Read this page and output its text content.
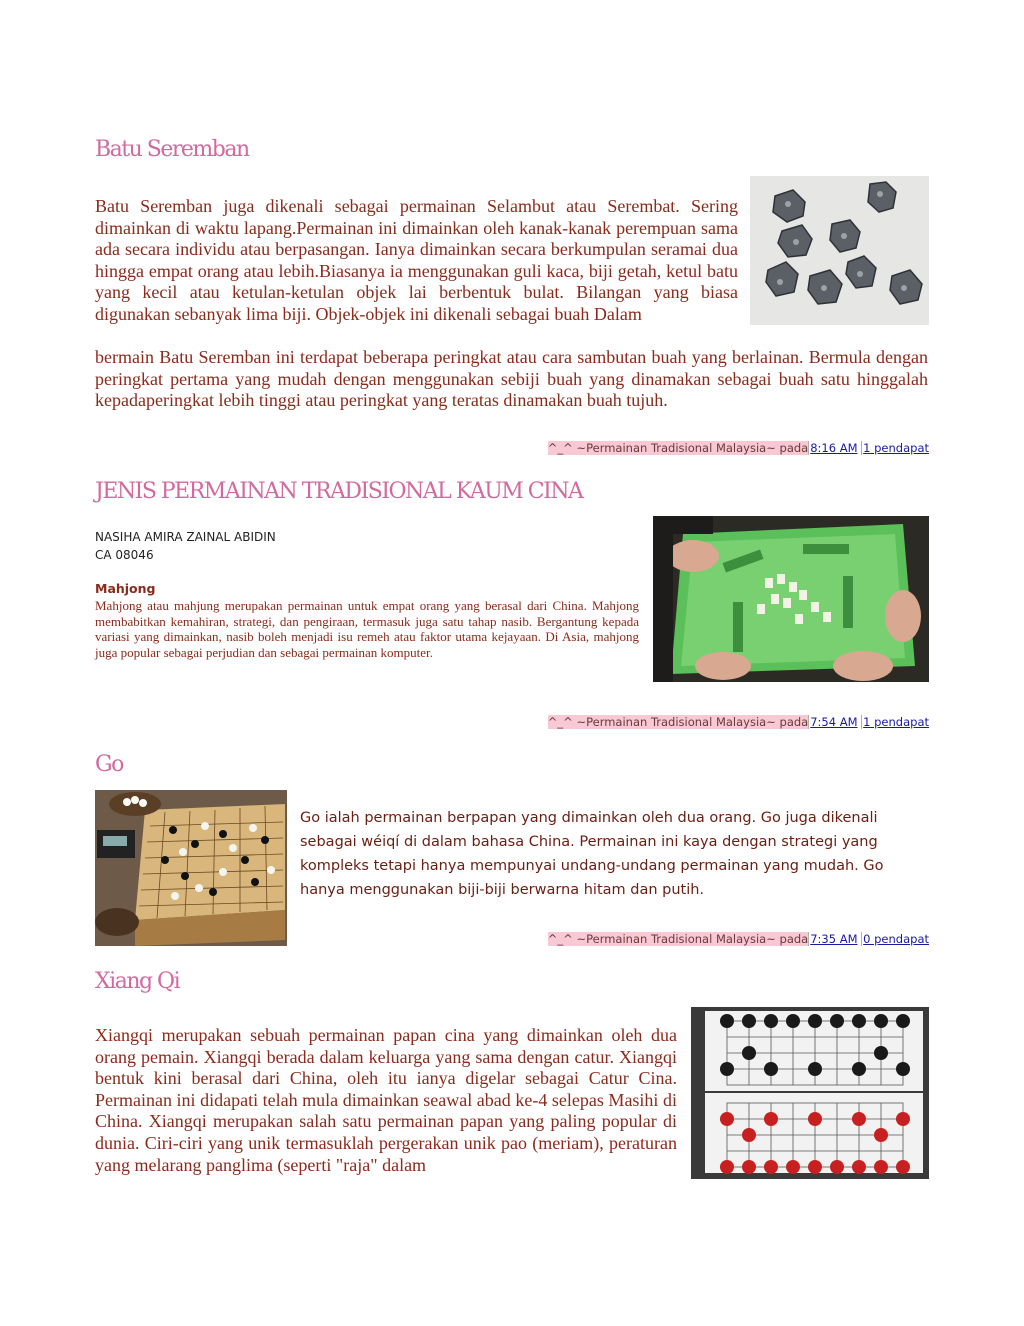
Batu Seremban

Batu Seremban juga dikenali sebagai permainan Selambut atau Serembat. Sering dimainkan di waktu lapang.Permainan ini dimainkan oleh kanak-kanak perempuan sama ada secara individu atau berpasangan. Ianya dimainkan secara berkumpulan seramai dua hingga empat orang atau lebih.Biasanya ia menggunakan guli kaca, biji getah, ketul batu yang kecil atau ketulan-ketulan objek lai berbentuk bulat. Bilangan yang biasa digunakan sebanyak lima biji. Objek-objek ini dikenali sebagai buah Dalam

bermain Batu Seremban ini terdapat beberapa peringkat atau cara sambutan buah yang berlainan. Bermula dengan peringkat pertama yang mudah dengan menggunakan sebiji buah yang dinamakan sebagai buah satu hinggalah kepadaperingkat lebih tinggi atau peringkat yang teratas dinamakan buah tujuh.

^_^ ~Permainan Tradisional Malaysia~ pada 8:16 AM 1 pendapat
JENIS PERMAINAN TRADISIONAL KAUM CINA
NASIHA AMIRA ZAINAL ABIDIN
CA 08046
Mahjong
Mahjong atau mahjung merupakan permainan untuk empat orang yang berasal dari China. Mahjong membabitkan kemahiran, strategi, dan pengiraan, termasuk juga satu tahap nasib. Bergantung kepada variasi yang dimainkan, nasib boleh menjadi isu remeh atau faktor utama kejayaan. Di Asia, mahjong juga popular sebagai perjudian dan sebagai permainan komputer.
^_^ ~Permainan Tradisional Malaysia~ pada 7:54 AM 1 pendapat
Go
Go ialah permainan berpapan yang dimainkan oleh dua orang. Go juga dikenali sebagai wéiqí di dalam bahasa China. Permainan ini kaya dengan strategi yang kompleks tetapi hanya mempunyai undang-undang permainan yang mudah. Go hanya menggunakan biji-biji berwarna hitam dan putih.
^_^ ~Permainan Tradisional Malaysia~ pada 7:35 AM 0 pendapat
Xiang Qi

Xiangqi merupakan sebuah permainan papan cina yang dimainkan oleh dua orang pemain. Xiangqi berada dalam keluarga yang sama dengan catur. Xiangqi bentuk kini berasal dari China, oleh itu ianya digelar sebagai Catur Cina. Permainan ini didapati telah mula dimainkan seawal abad ke-4 selepas Masihi di China. Xiangqi merupakan salah satu permainan papan yang paling popular di dunia. Ciri-ciri yang unik termasuklah pergerakan unik pao (meriam), peraturan yang melarang panglima (seperti "raja" dalam
